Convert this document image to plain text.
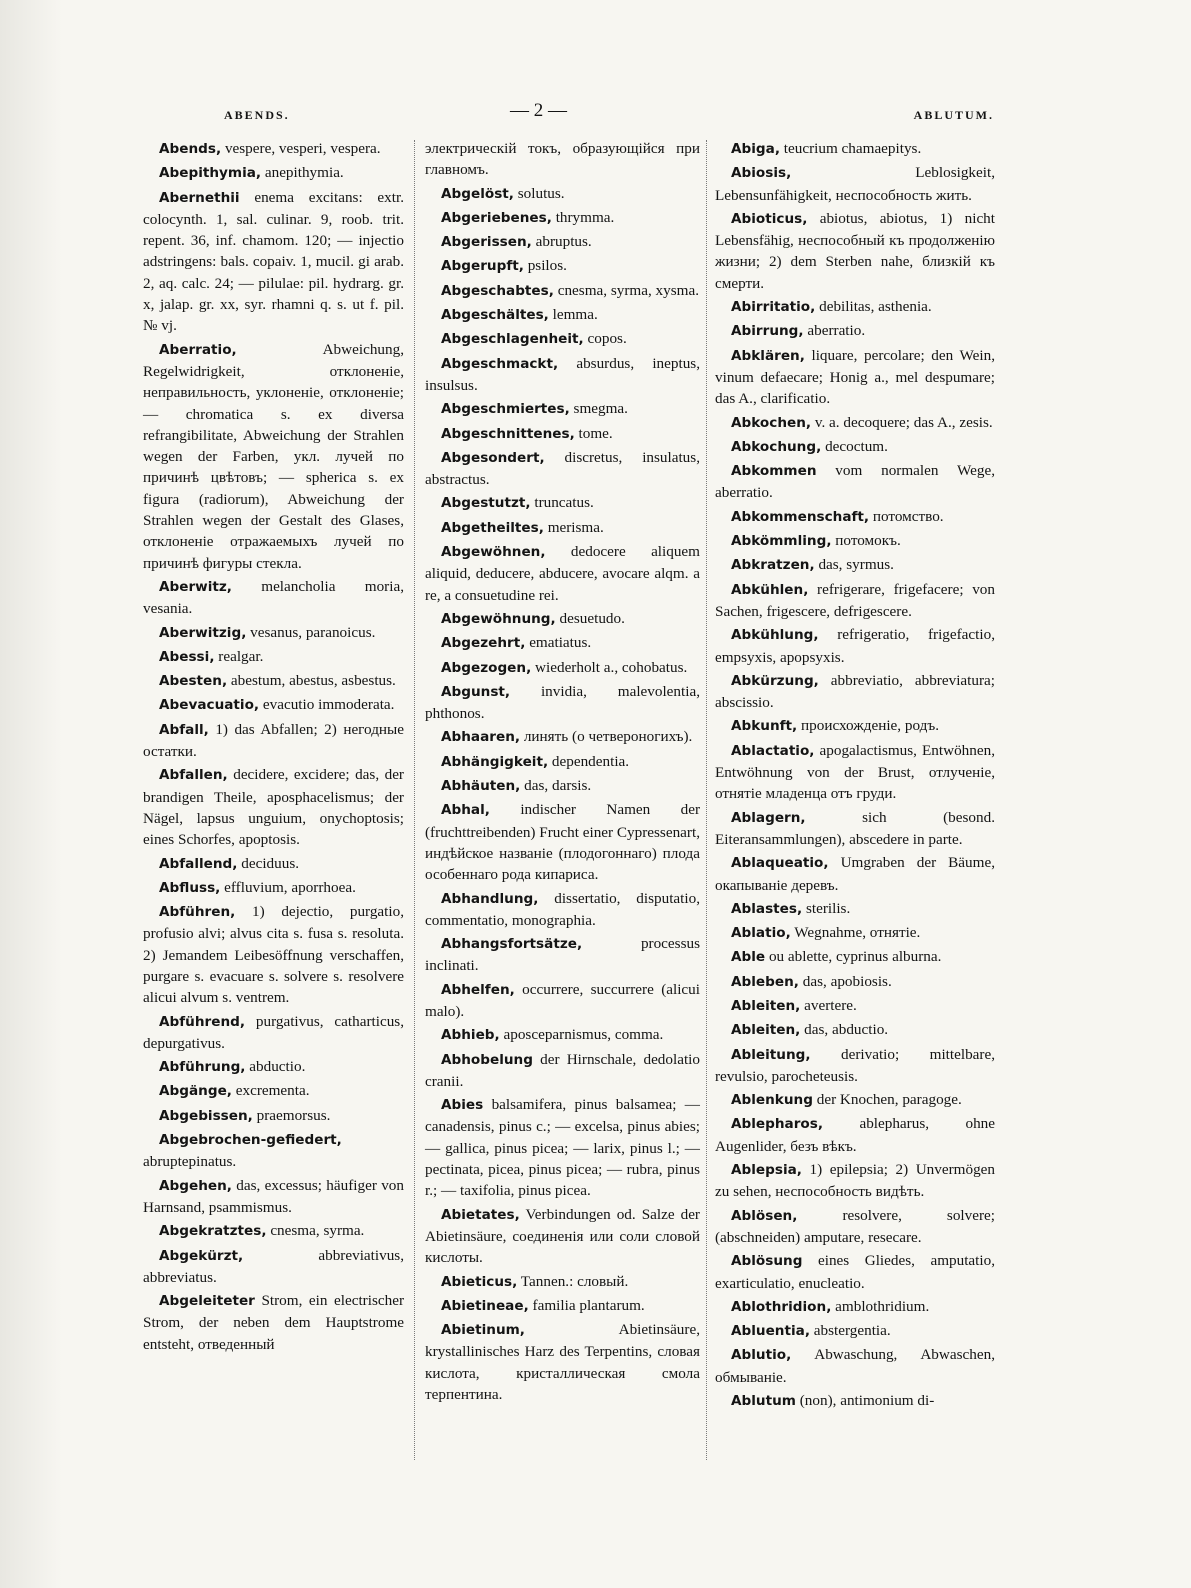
ABENDS.	— 2 —	ABLUTUM.

Abends, vespere, vesperi, vespera.

Abepithymia, anepithymia.

Abernethii enema excitans: extr. colocynth. 1, sal. culinar. 9, roob. trit. repent. 36, inf. chamom. 120; — injectio adstringens: bals. copaiv. 1, mucil. gi arab. 2, aq. calc. 24; — pilulae: pil. hydrarg. gr. x, jalap. gr. xx, syr. rhamni q. s. ut f. pil. № vj.

Aberratio, Abweichung, Regelwidrigkeit, отклоненіе, неправильность, уклоненіе, отклоненіе; — chromatica s. ex diversa refrangibilitate, Abweichung der Strahlen wegen der Farben, укл. лучей по причинѣ цвѣтовъ; — spherica s. ex figura (radiorum), Abweichung der Strahlen wegen der Gestalt des Glases, отклоненіе отражаемыхъ лучей по причинѣ фигуры стекла.

Aberwitz, melancholia moria, vesania.

Aberwitzig, vesanus, paranoicus.

Abessi, realgar.

Abesten, abestum, abestus, asbestus.

Abevacuatio, evacutio immoderata.

Abfall, 1) das Abfallen; 2) негодные остатки.

Abfallen, decidere, excidere; das, der brandigen Theile, aposphacelismus; der Nägel, lapsus unguium, onychoptosis; eines Schorfes, apoptosis.

Abfallend, deciduus.

Abfluss, effluvium, aporrhoea.

Abführen, 1) dejectio, purgatio, profusio alvi; alvus cita s. fusa s. resoluta. 2) Jemandem Leibesöffnung verschaffen, purgare s. evacuare s. solvere s. resolvere alicui alvum s. ventrem.

Abführend, purgativus, catharticus, depurgativus.

Abführung, abductio.

Abgänge, excrementa.

Abgebissen, praemorsus.

Abgebrochen-gefiedert, abruptepinatus.

Abgehen, das, excessus; häufiger von Harnsand, psammismus.

Abgekratztes, cnesma, syrma.

Abgekürzt, abbreviativus, abbreviatus.

Abgeleiteter Strom, ein electrischer Strom, der neben dem Hauptstrome entsteht, отведенный

электрическій токъ, образующійся при главномъ.

Abgelöst, solutus.

Abgeriebenes, thrymma.

Abgerissen, abruptus.

Abgerupft, psilos.

Abgeschabtes, cnesma, syrma, xysma.

Abgeschältes, lemma.

Abgeschlagenheit, copos.

Abgeschmackt, absurdus, ineptus, insulsus.

Abgeschmiertes, smegma.

Abgeschnittenes, tome.

Abgesondert, discretus, insulatus, abstractus.

Abgestutzt, truncatus.

Abgetheiltes, merisma.

Abgewöhnen, dedocere aliquem aliquid, deducere, abducere, avocare alqm. a re, a consuetudine rei.

Abgewöhnung, desuetudo.

Abgezehrt, ematiatus.

Abgezogen, wiederholt a., cohobatus.

Abgunst, invidia, malevolentia, phthonos.

Abhaaren, линять (о четвероногихъ).

Abhängigkeit, dependentia.

Abhäuten, das, darsis.

Abhal, indischer Namen der (fruchttreibenden) Frucht einer Cypressenart, индѣйское названіе (плодогоннаго) плода особеннаго рода кипариса.

Abhandlung, dissertatio, disputatio, commentatio, monographia.

Abhangsfortsätze, processus inclinati.

Abhelfen, occurrere, succurrere (alicui malo).

Abhieb, aposceparnismus, comma.

Abhobelung der Hirnschale, dedolatio cranii.

Abies balsamifera, pinus balsamea; — canadensis, pinus c.; — excelsa, pinus abies; — gallica, pinus picea; — larix, pinus l.; — pectinata, picea, pinus picea; — rubra, pinus r.; — taxifolia, pinus picea.

Abietates, Verbindungen od. Salze der Abietinsäure, соединенія или соли словой кислоты.

Abieticus, Tannen.: словый.

Abietineae, familia plantarum.

Abietinum, Abietinsäure, krystallinisches Harz des Terpentins, словая кислота, кристаллическая смола терпентина.

Abiga, teucrium chamaepitys.

Abiosis, Leblosigkeit, Lebensunfähigkeit, неспособность жить.

Abioticus, abiotus, abiotus, 1) nicht Lebensfähig, неспособный къ продолженію жизни; 2) dem Sterben nahe, близкій къ смерти.

Abirritatio, debilitas, asthenia.

Abirrung, aberratio.

Abklären, liquare, percolare; den Wein, vinum defaecare; Honig a., mel despumare; das A., clarificatio.

Abkochen, v. a. decoquere; das A., zesis.

Abkochung, decoctum.

Abkommen vom normalen Wege, aberratio.

Abkommenschaft, потомство.

Abkömmling, потомокъ.

Abkratzen, das, syrmus.

Abkühlen, refrigerare, frigefacere; von Sachen, frigescere, defrigescere.

Abkühlung, refrigeratio, frigefactio, empsyxis, apopsyxis.

Abkürzung, abbreviatio, abbreviatura; abscissio.

Abkunft, происхожденіе, родъ.

Ablactatio, apogalactismus, Entwöhnen, Entwöhnung von der Brust, отлученіе, отнятіе младенца отъ груди.

Ablagern, sich (besond. Eiteransammlungen), abscedere in parte.

Ablaqueatio, Umgraben der Bäume, окапываніе деревъ.

Ablastes, sterilis.

Ablatio, Wegnahme, отнятіе.

Able ou ablette, cyprinus alburna.

Ableben, das, apobiosis.

Ableiten, avertere.

Ableiten, das, abductio.

Ableitung, derivatio; mittelbare, revulsio, parocheteusis.

Ablenkung der Knochen, paragoge.

Ablepharos, ablepharus, ohne Augenlider, безъ вѣкъ.

Ablepsia, 1) epilepsia; 2) Unvermögen zu sehen, неспособность видѣть.

Ablösen, resolvere, solvere; (abschneiden) amputare, resecare.

Ablösung eines Gliedes, amputatio, exarticulatio, enucleatio.

Ablothridion, amblothridium.

Abluentia, abstergentia.

Ablutio, Abwaschung, Abwaschen, обмываніе.

Ablutum (non), antimonium di-
